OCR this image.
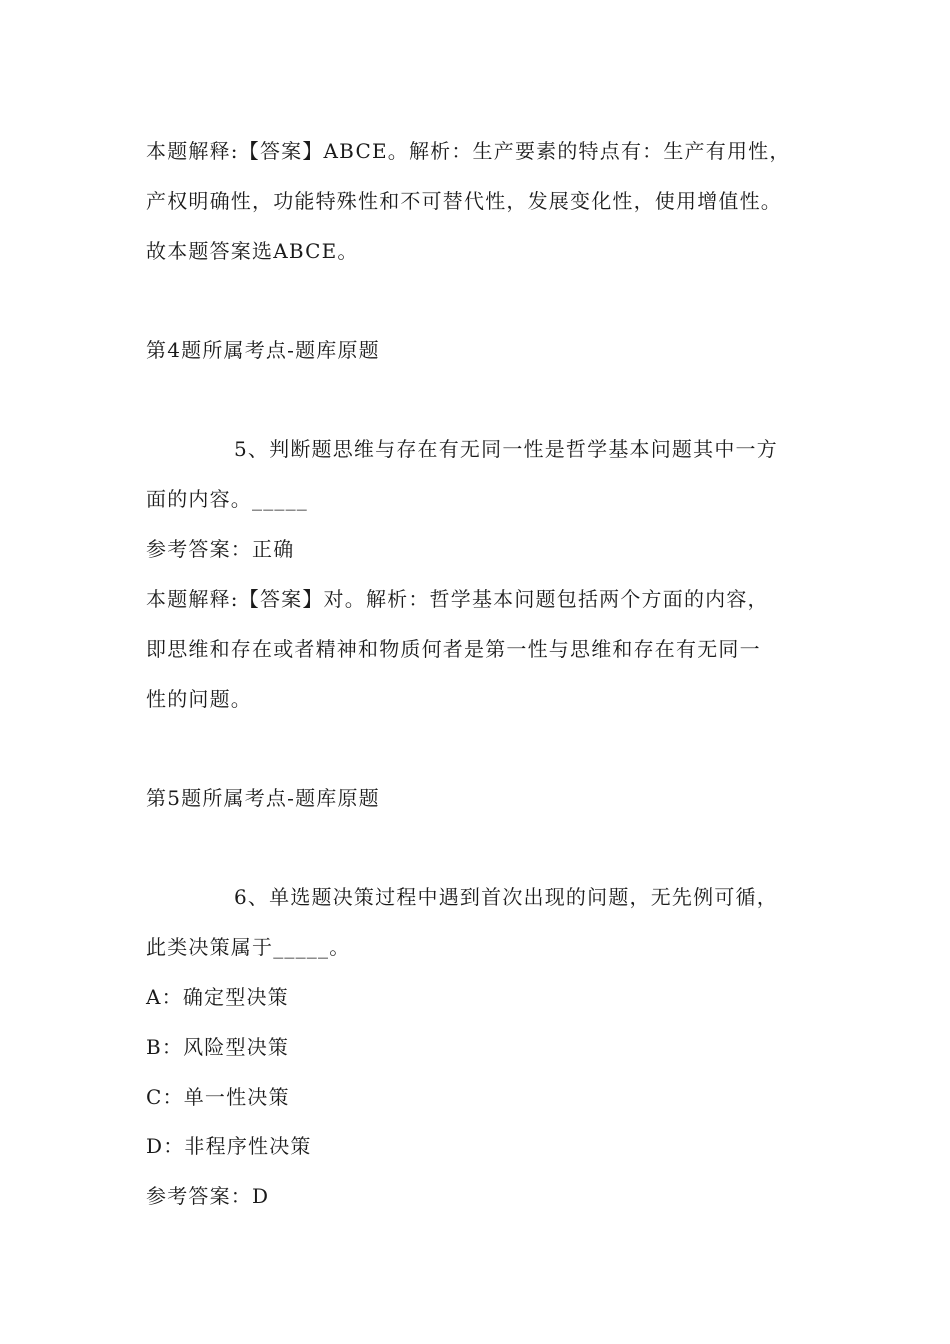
本题解释:【答案】ABCE。解析：生产要素的特点有：生产有用性，
产权明确性，功能特殊性和不可替代性，发展变化性，使用增值性。
故本题答案选ABCE。
第4题所属考点-题库原题
5、判断题思维与存在有无同一性是哲学基本问题其中一方
面的内容。_____
参考答案：正确
本题解释:【答案】对。解析：哲学基本问题包括两个方面的内容，
即思维和存在或者精神和物质何者是第一性与思维和存在有无同一
性的问题。
第5题所属考点-题库原题
6、单选题决策过程中遇到首次出现的问题，无先例可循，
此类决策属于_____。
A：确定型决策
B：风险型决策
C：单一性决策
D：非程序性决策
参考答案：D
